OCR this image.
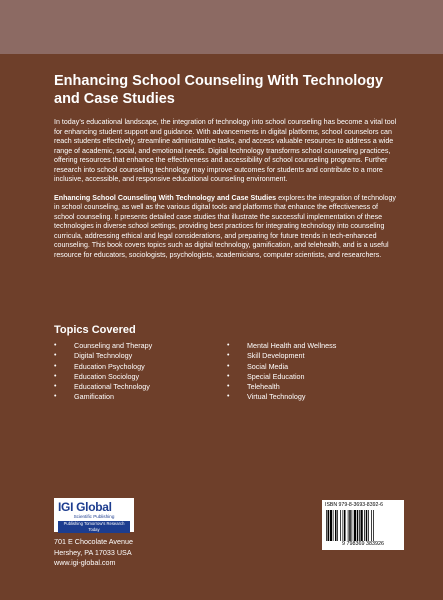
Enhancing School Counseling With Technology and Case Studies

In today’s educational landscape, the integration of technology into school counseling has become a vital tool for enhancing student support and guidance. With advancements in digital platforms, school counselors can reach students effectively, streamline administrative tasks, and access valuable resources to address a wide range of academic, social, and emotional needs. Digital technology transforms school counseling practices, offering resources that enhance the effectiveness and accessibility of school counseling programs. Further research into school counseling technology may improve outcomes for students and contribute to a more inclusive, accessible, and responsive educational counseling environment.

Enhancing School Counseling With Technology and Case Studies explores the integration of technology in school counseling, as well as the various digital tools and platforms that enhance the effectiveness of school counseling. It presents detailed case studies that illustrate the successful implementation of these technologies in diverse school settings, providing best practices for integrating technology into counseling curricula, addressing ethical and legal considerations, and preparing for future trends in tech-enhanced counseling. This book covers topics such as digital technology, gamification, and telehealth, and is a useful resource for educators, sociologists, psychologists, academicians, computer scientists, and researchers.

Topics Covered
• Counseling and Therapy
• Digital Technology
• Education Psychology
• Education Sociology
• Educational Technology
• Gamification
• Mental Health and Wellness
• Skill Development
• Social Media
• Special Education
• Telehealth
• Virtual Technology
IGI Global
Scientific Publishing
Publishing Tomorrow’s Research Today
701 E Chocolate Avenue
Hershey, PA 17033 USA
www.igi-global.com
ISBN 979-8-3693-8392-6
9 798369 383926
